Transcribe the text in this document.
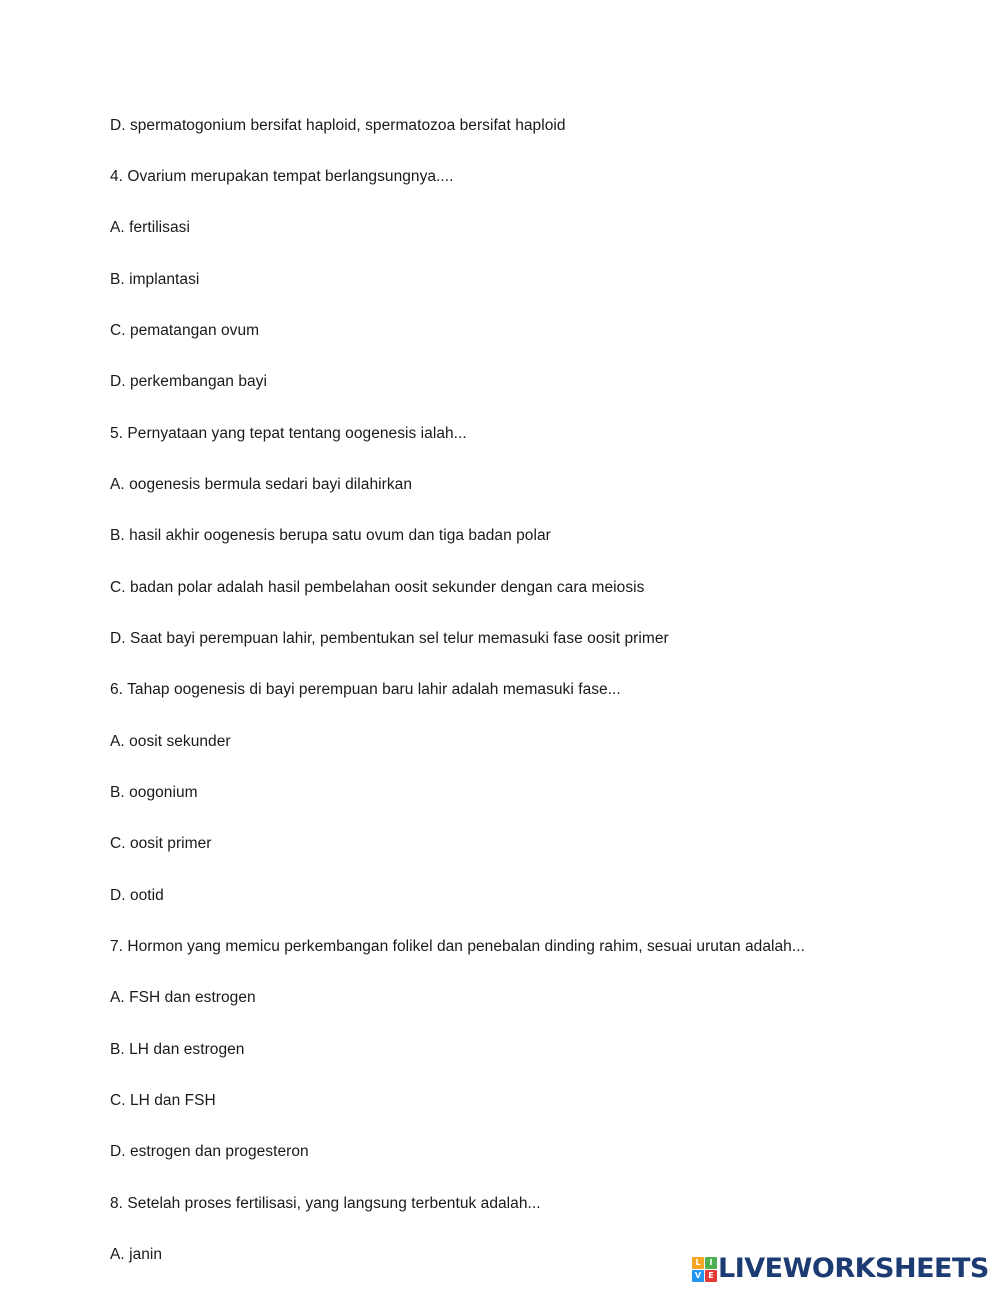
D. spermatogonium bersifat haploid, spermatozoa bersifat haploid
4. Ovarium merupakan tempat berlangsungnya....
A. fertilisasi
B. implantasi
C. pematangan ovum
D. perkembangan bayi
5. Pernyataan yang tepat tentang oogenesis ialah...
A. oogenesis bermula sedari bayi dilahirkan
B. hasil akhir oogenesis berupa satu ovum dan tiga badan polar
C. badan polar adalah hasil pembelahan oosit sekunder dengan cara meiosis
D. Saat bayi perempuan lahir, pembentukan sel telur memasuki fase oosit primer
6. Tahap oogenesis di bayi perempuan baru lahir adalah memasuki fase...
A. oosit sekunder
B. oogonium
C. oosit primer
D. ootid
7. Hormon yang memicu perkembangan folikel dan penebalan dinding rahim, sesuai urutan adalah...
A. FSH dan estrogen
B. LH dan estrogen
C. LH dan FSH
D. estrogen dan progesteron
8. Setelah proses fertilisasi, yang langsung terbentuk adalah...
A. janin	L	I
V E LIVEWORKSHEETS
